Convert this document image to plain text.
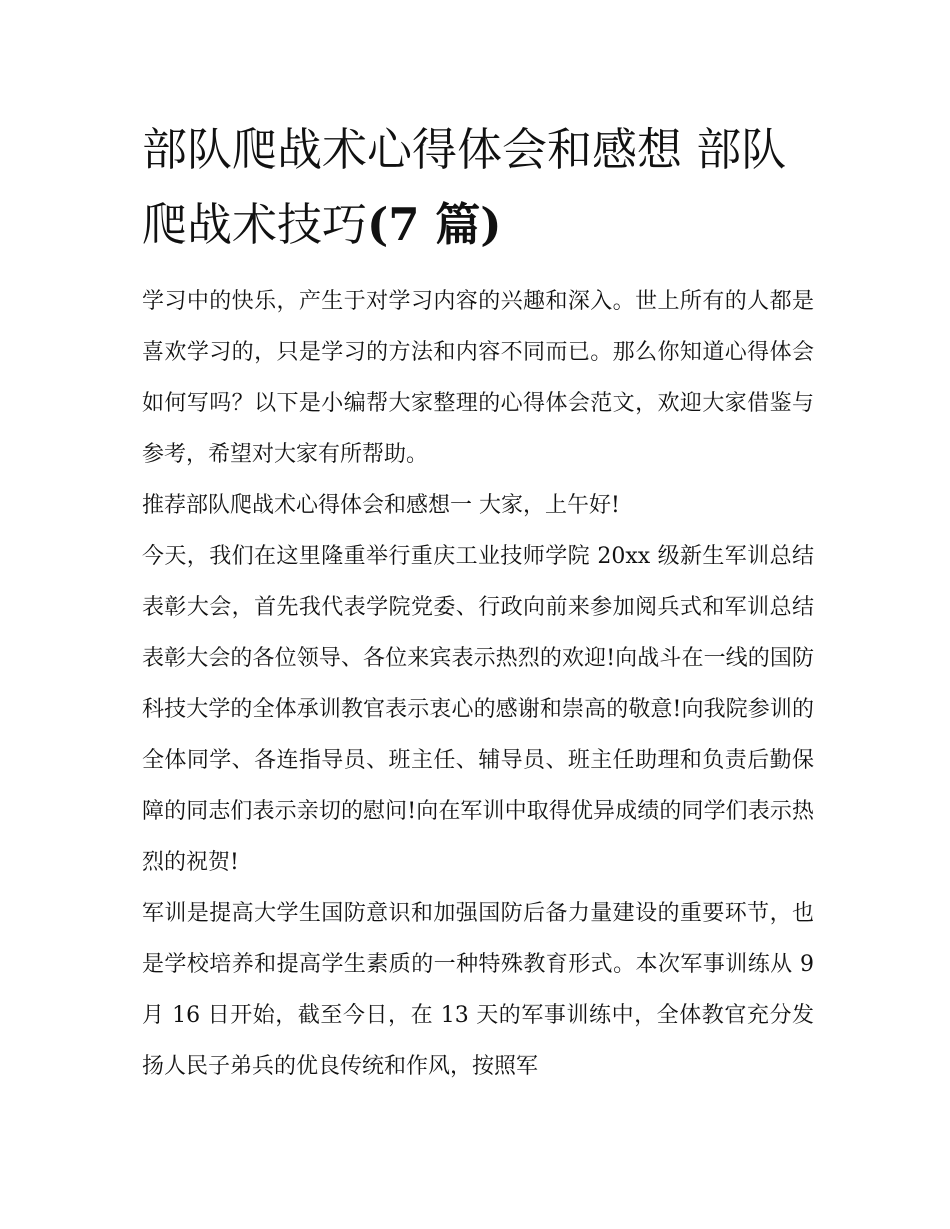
部队爬战术心得体会和感想 部队爬战术技巧(7 篇)

学习中的快乐，产生于对学习内容的兴趣和深入。世上所有的人都是喜欢学习的，只是学习的方法和内容不同而已。那么你知道心得体会如何写吗？以下是小编帮大家整理的心得体会范文，欢迎大家借鉴与参考，希望对大家有所帮助。

推荐部队爬战术心得体会和感想一 大家，上午好!

今天，我们在这里隆重举行重庆工业技师学院 20xx 级新生军训总结表彰大会，首先我代表学院党委、行政向前来参加阅兵式和军训总结表彰大会的各位领导、各位来宾表示热烈的欢迎!向战斗在一线的国防科技大学的全体承训教官表示衷心的感谢和崇高的敬意!向我院参训的全体同学、各连指导员、班主任、辅导员、班主任助理和负责后勤保障的同志们表示亲切的慰问!向在军训中取得优异成绩的同学们表示热烈的祝贺!

军训是提高大学生国防意识和加强国防后备力量建设的重要环节，也是学校培养和提高学生素质的一种特殊教育形式。本次军事训练从 9 月 16 日开始，截至今日，在 13 天的军事训练中，全体教官充分发扬人民子弟兵的优良传统和作风，按照军
